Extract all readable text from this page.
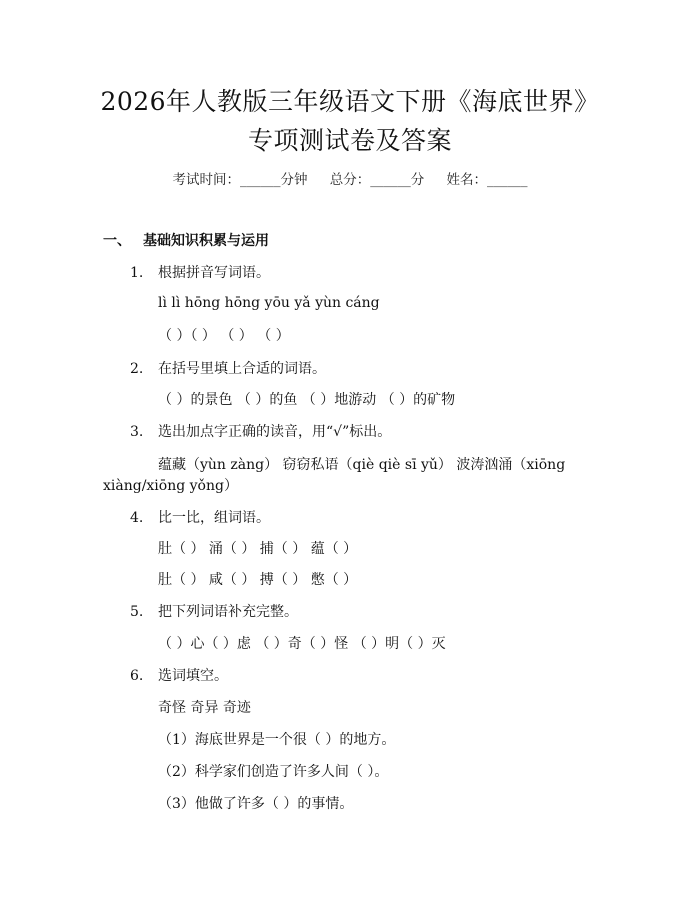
2026年人教版三年级语文下册《海底世界》
专项测试卷及答案
考试时间：______分钟 总分：______分 姓名：______
一、 基础知识积累与运用
1. 根据拼音写词语。
lì lì hōng hōng yōu yǎ yùn cáng
（ ）（ ） （ ） （ ）
2. 在括号里填上合适的词语。
（ ）的景色 （ ）的鱼 （ ）地游动 （ ）的矿物
3. 选出加点字正确的读音，用“√”标出。
蕴藏（yùn zàng） 窃窃私语（qiè qiè sī yǔ） 波涛汹涌（xiōng
xiàng/xiōng yǒng）
4. 比一比，组词语。
肚（ ） 涌（ ） 捕（ ） 蕴（ ）
肚（ ） 咸（ ） 搏（ ） 憋（ ）
5. 把下列词语补充完整。
（ ）心（ ）虑 （ ）奇（ ）怪 （ ）明（ ）灭
6. 选词填空。
奇怪 奇异 奇迹
（1）海底世界是一个很（ ）的地方。
（2）科学家们创造了许多人间（ ）。
（3）他做了许多（ ）的事情。
